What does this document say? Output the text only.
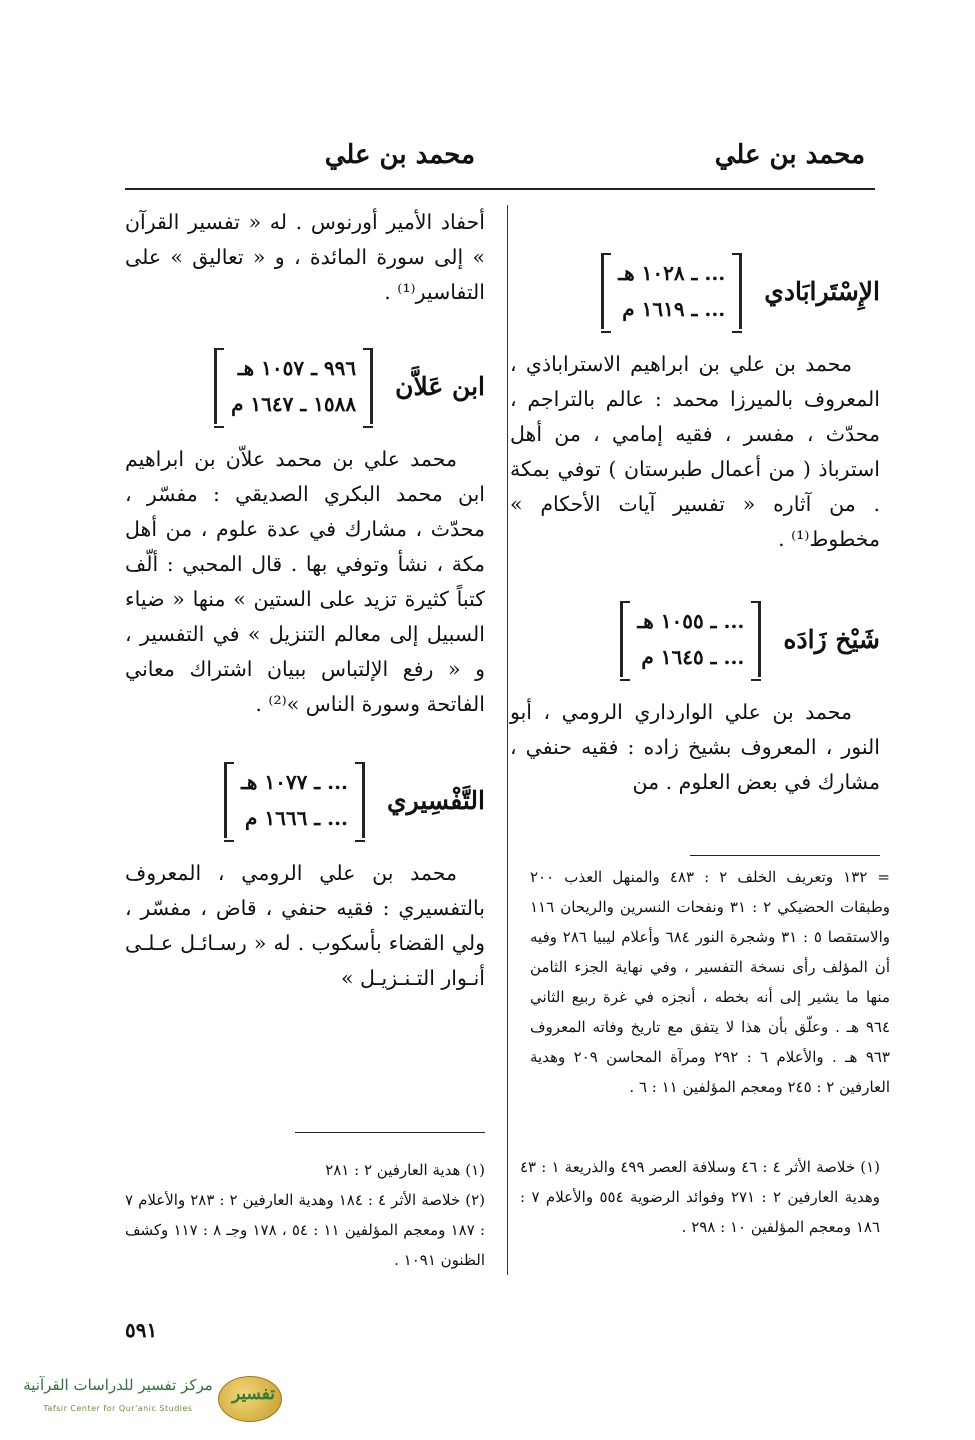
محمد بن علي
محمد بن علي
الإِسْتَرابَادي
... ـ ١٠٢٨ هـ
... ـ ١٦١٩ م

محمد بن علي بن ابراهيم الاستراباذي ، المعروف بالميرزا محمد : عالم بالتراجم ، محدّث ، مفسر ، فقيه إمامي ، من أهل استرباذ ( من أعمال طبرستان ) توفي بمكة . من آثاره « تفسير آيات الأحكام » مخطوط⁽¹⁾ .

شَيْخ زَادَه
... ـ ١٠٥٥ هـ
... ـ ١٦٤٥ م

محمد بن علي الوارداري الرومي ، أبو النور ، المعروف بشيخ زاده : فقيه حنفي ، مشارك في بعض العلوم . من

= ١٣٢ وتعريف الخلف ٢ : ٤٨٣ والمنهل العذب ٢٠٠ وطبقات الحضيكي ٢ : ٣١ ونفحات النسرين والريحان ١١٦ والاستقصا ٥ : ٣١ وشجرة النور ٦٨٤ وأعلام ليبيا ٢٨٦ وفيه أن المؤلف رأى نسخة التفسير ، وفي نهاية الجزء الثامن منها ما يشير إلى أنه بخطه ، أنجزه في غرة ربيع الثاني ٩٦٤ هـ . وعلّق بأن هذا لا يتفق مع تاريخ وفاته المعروف ٩٦٣ هـ . والأعلام ٦ : ٢٩٢ ومرآة المحاسن ٢٠٩ وهدية العارفين ٢ : ٢٤٥ ومعجم المؤلفين ١١ : ٦ .

(١) خلاصة الأثر ٤ : ٤٦ وسلافة العصر ٤٩٩ والذريعة ١ : ٤٣ وهدية العارفين ٢ : ٢٧١ وفوائد الرضوية ٥٥٤ والأعلام ٧ : ١٨٦ ومعجم المؤلفين ١٠ : ٢٩٨ .

أحفاد الأمير أورنوس . له « تفسير القرآن » إلى سورة المائدة ، و « تعاليق » على التفاسير⁽¹⁾ .

ابن عَلاَّن
٩٩٦ ـ ١٠٥٧ هـ
١٥٨٨ ـ ١٦٤٧ م

محمد علي بن محمد علاّن بن ابراهيم ابن محمد البكري الصديقي : مفسّر ، محدّث ، مشارك في عدة علوم ، من أهل مكة ، نشأ وتوفي بها . قال المحبي : ألّف كتباً كثيرة تزيد على الستين » منها « ضياء السبيل إلى معالم التنزيل » في التفسير ، و « رفع الإلتباس ببيان اشتراك معاني الفاتحة وسورة الناس »⁽²⁾ .

التَّفْسِيري
... ـ ١٠٧٧ هـ
... ـ ١٦٦٦ م

محمد بن علي الرومي ، المعروف بالتفسيري : فقيه حنفي ، قاض ، مفسّر ، ولي القضاء بأسكوب . له « رسـائـل عـلـى أنـوار التـنـزيـل »

(١) هدية العارفين ٢ : ٢٨١

(٢) خلاصة الأثر ٤ : ١٨٤ وهدية العارفين ٢ : ٢٨٣ والأعلام ٧ : ١٨٧ ومعجم المؤلفين ١١ : ٥٤ ، ١٧٨ وجـ ٨ : ١١٧ وكشف الظنون ١٠٩١ .

٥٩١
تفسير
مركز تفسير للدراسات القرآنية
Tafsir Center for Qur'anic Studies
